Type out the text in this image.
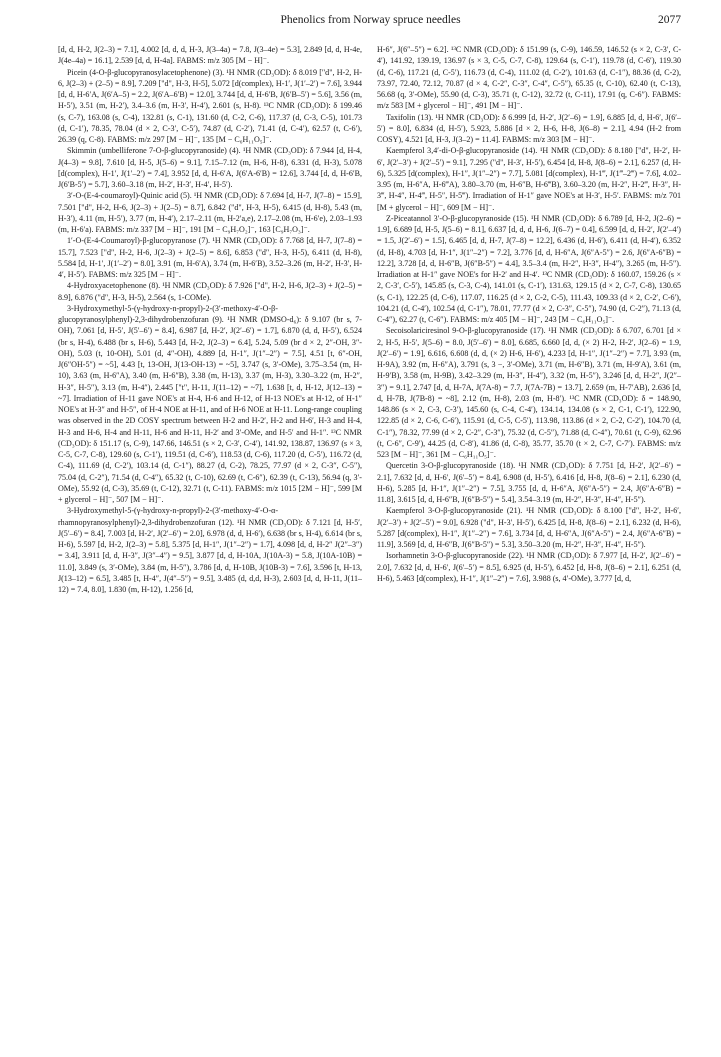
Phenolics from Norway spruce needles	2077

[d, d, H-2, J(2–3) = 7.1], 4.002 [d, d, d, H-3, J(3–4a) = 7.8, J(3–4e) = 5.3], 2.849 [d, d, H-4e, J(4e–4a) = 16.1], 2.539 [d, d, H-4a]. FABMS: m/z 305 [M − H]⁻.

Picein (4-O-β-glucopyranosylacetophenone) (3). ¹H NMR (CD₃OD): δ 8.019 ["d", H-2, H-6, J(2–3) + (2–5) = 8.9], 7.209 ["d", H-3, H-5], 5.072 [d(complex), H-1′, J(1′–2′) = 7.6], 3.944 [d, d, H-6′A, J(6′A–5) = 2.2, J(6′A–6′B) = 12.0], 3.744 [d, d, H-6′B, J(6′B–5′) = 5.6], 3.56 (m, H-5′), 3.51 (m, H-2′), 3.4–3.6 (m, H-3′, H-4′), 2.601 (s, H-8). ¹³C NMR (CD₃OD): δ 199.46 (s, C-7), 163.08 (s, C-4), 132.81 (s, C-1), 131.60 (d, C-2, C-6), 117.37 (d, C-3, C-5), 101.73 (d, C-1′), 78.35, 78.04 (d × 2, C-3′, C-5′), 74.87 (d, C-2′), 71.41 (d, C-4′), 62.57 (t, C-6′), 26.39 (q, C-8). FABMS: m/z 297 [M − H]⁻, 135 [M − C₆H₁₁O₅]⁻.

Skimmin (umbelliferone 7-O-β-glucopyranoside) (4). ¹H NMR (CD₃OD): δ 7.944 [d, H-4, J(4–3) = 9.8], 7.610 [d, H-5, J(5–6) = 9.1], 7.15–7.12 (m, H-6, H-8), 6.331 (d, H-3), 5.078 [d(complex), H-1′, J(1′–2′) = 7.4], 3.952 [d, d, H-6′A, J(6′A-6′B) = 12.6], 3.744 [d, d, H-6′B, J(6′B-5′) = 5.7], 3.60–3.18 (m, H-2′, H-3′, H-4′, H-5′).

3′-O-(E-4-coumaroyl)-Quinic acid (5). ¹H NMR (CD₃OD): δ 7.694 [d, H-7, J(7–8) = 15.9], 7.501 ["d", H-2, H-6, J(2–3) + J(2–5) = 8.7], 6.842 ("d", H-3, H-5), 6.415 (d, H-8), 5.43 (m, H-3′), 4.11 (m, H-5′), 3.77 (m, H-4′), 2.17–2.11 (m, H-2′a,e), 2.17–2.08 (m, H-6′e), 2.03–1.93 (m, H-6′a). FABMS: m/z 337 [M − H]⁻, 191 [M − C₉H₇O₂]⁻, 163 [C₉H₇O₃]⁻.

1′-O-(E-4-Coumaroyl)-β-glucopyranose (7). ¹H NMR (CD₃OD): δ 7.768 [d, H-7, J(7–8) = 15.7], 7.523 ["d", H-2, H-6, J(2–3) + J(2–5) = 8.6], 6.853 ("d", H-3, H-5), 6.411 (d, H-8), 5.584 [d, H-1′, J(1′–2′) = 8.0], 3.91 (m, H-6′A), 3.74 (m, H-6′B), 3.52–3.26 (m, H-2′, H-3′, H-4′, H-5′). FABMS: m/z 325 [M − H]⁻.

4-Hydroxyacetophenone (8). ¹H NMR (CD₃OD): δ 7.926 ["d", H-2, H-6, J(2–3) + J(2–5) = 8.9], 6.876 ("d", H-3, H-5), 2.564 (s, 1-COMe).

3-Hydroxymethyl-5-(γ-hydroxy-n-propyl)-2-(3′-methoxy-4′-O-β-glucopyranosylphenyl)-2,3-dihydrobenzofuran (9). ¹H NMR (DMSO-d₆): δ 9.107 (br s, 7-OH), 7.061 [d, H-5′, J(5′–6′) = 8.4], 6.987 [d, H-2′, J(2′–6′) = 1.7], 6.870 (d, d, H-5′), 6.524 (br s, H-4), 6.488 (br s, H-6), 5.443 [d, H-2, J(2–3) = 6.4], 5.24, 5.09 (br d × 2, 2″-OH, 3″-OH), 5.03 (t, 10-OH), 5.01 (d, 4″-OH), 4.889 [d, H-1″, J(1″–2″) = 7.5], 4.51 [t, 6″-OH, J(6″OH-5″) = ~5], 4.43 [t, 13-OH, J(13-OH-13) = ~5], 3.747 (s, 3′-OMe), 3.75–3.54 (m, H-10), 3.63 (m, H-6″A), 3.40 (m, H-6″B), 3.38 (m, H-13), 3.37 (m, H-3), 3.30–3.22 (m, H-2″, H-3″, H-5″), 3.13 (m, H-4″), 2.445 ["t", H-11, J(11–12) = ~7], 1.638 [t, d, H-12, J(12–13) = ~7]. Irradiation of H-11 gave NOE's at H-4, H-6 and H-12, of H-13 NOE's at H-12, of H-1″ NOE's at H-3″ and H-5″, of H-4 NOE at H-11, and of H-6 NOE at H-11. Long-range coupling was observed in the 2D COSY spectrum between H-2 and H-2′, H-2 and H-6′, H-3 and H-4, H-3 and H-6, H-4 and H-11, H-6 and H-11, H-2′ and 3′-OMe, and H-5′ and H-1″. ¹³C NMR (CD₃OD): δ 151.17 (s, C-9), 147.66, 146.51 (s × 2, C-3′, C-4′), 141.92, 138.87, 136.97 (s × 3, C-5, C-7, C-8), 129.60 (s, C-1′), 119.51 (d, C-6′), 118.53 (d, C-6), 117.20 (d, C-5′), 116.72 (d, C-4), 111.69 (d, C-2′), 103.14 (d, C-1″), 88.27 (d, C-2), 78.25, 77.97 (d × 2, C-3″, C-5″), 75.04 (d, C-2″), 71.54 (d, C-4″), 65.32 (t, C-10), 62.69 (t, C-6″), 62.39 (t, C-13), 56.94 (q, 3′-OMe), 55.92 (d, C-3), 35.69 (t, C-12), 32.71 (t, C-11). FABMS: m/z 1015 [2M − H]⁻, 599 [M + glycerol − H]⁻, 507 [M − H]⁻.

3-Hydroxymethyl-5-(γ-hydroxy-n-propyl)-2-(3′-methoxy-4′-O-α-rhamnopyranosylphenyl)-2,3-dihydrobenzofuran (12). ¹H NMR (CD₃OD): δ 7.121 [d, H-5′, J(5′–6′) = 8.4], 7.003 [d, H-2′, J(2′–6′) = 2.0], 6.978 (d, d, H-6′), 6.638 (br s, H-4), 6.614 (br s, H-6), 5.597 [d, H-2, J(2–3) = 5.8], 5.375 [d, H-1″, J(1″–2″) = 1.7], 4.098 [d, d, H-2″ J(2″–3″) = 3.4], 3.911 [d, d, H-3″, J(3″–4″) = 9.5], 3.877 [d, d, H-10A, J(10A-3) = 5.8, J(10A-10B) = 11.0], 3.849 (s, 3′-OMe), 3.84 (m, H-5″), 3.786 [d, d, H-10B, J(10B-3) = 7.6], 3.596 [t, H-13, J(13–12) = 6.5], 3.485 [t, H-4″, J(4″–5″) = 9.5], 3.485 (d, d,d, H-3), 2.603 [d, d, H-11, J(11–12) = 7.4, 8.0], 1.830 (m, H-12), 1.256 [d,

H-6″, J(6″–5″) = 6.2]. ¹³C NMR (CD₃OD): δ 151.99 (s, C-9), 146.59, 146.52 (s × 2, C-3′, C-4′), 141.92, 139.19, 136.97 (s × 3, C-5, C-7, C-8), 129.64 (s, C-1′), 119.78 (d, C-6′), 119.30 (d, C-6), 117.21 (d, C-5′), 116.73 (d, C-4), 111.02 (d, C-2′), 101.63 (d, C-1″), 88.36 (d, C-2), 73.97, 72.40, 72.12, 70.87 (d × 4, C-2″, C-3″, C-4″, C-5″), 65.35 (t, C-10), 62.40 (t, C-13), 56.68 (q, 3′-OMe), 55.90 (d, C-3), 35.71 (t, C-12), 32.72 (t, C-11), 17.91 (q, C-6″). FABMS: m/z 583 [M + glycerol − H]⁻, 491 [M − H]⁻.

Taxifolin (13). ¹H NMR (CD₃OD): δ 6.999 [d, H-2′, J(2′–6) = 1.9], 6.885 [d, d, H-6′, J(6′–5′) = 8.0], 6.834 (d, H-5′), 5.923, 5.886 [d × 2, H-6, H-8, J(6–8) = 2.1], 4.94 (H-2 from COSY), 4.521 [d, H-3, J(3–2) = 11.4]. FABMS: m/z 303 [M − H]⁻.

Kaempferol 3,4′-di-O-β-glucopyranoside (14). ¹H NMR (CD₃OD): δ 8.180 ["d", H-2′, H-6′, J(2′–3′) + J(2′–5′) = 9.1], 7.295 ("d", H-3′, H-5′), 6.454 [d, H-8, J(8–6) = 2.1], 6.257 (d, H-6), 5.325 [d(complex), H-1″, J(1″–2″) = 7.7], 5.081 [d(complex), H-1‴, J(1‴–2‴) = 7.6], 4.02–3.95 (m, H-6″A, H-6‴A), 3.80–3.70 (m, H-6″B, H-6‴B), 3.60–3.20 (m, H-2″, H-2‴, H-3″, H-3‴, H-4″, H-4‴, H-5″, H-5‴). Irradiation of H-1″ gave NOE's at H-3′, H-5′. FABMS: m/z 701 [M + glycerol − H]⁻, 609 [M − H]⁻.

Z-Piceatannol 3′-O-β-glucopyranoside (15). ¹H NMR (CD₃OD): δ 6.789 [d, H-2, J(2–6) = 1.9], 6.689 [d, H-5, J(5–6) = 8.1], 6.637 [d, d, d, H-6, J(6–7) = 0.4], 6.599 [d, d, H-2′, J(2′–4′) = 1.5, J(2′–6′) = 1.5], 6.465 [d, d, H-7, J(7–8) = 12.2], 6.436 (d, H-6′), 6.411 (d, H-4′), 6.352 (d, H-8), 4.703 [d, H-1″, J(1″–2″) = 7.2], 3.776 [d, d, H-6″A, J(6″A-5″) = 2.6, J(6″A-6″B) = 12.2], 3.728 [d, d, H-6″B, J(6″B-5″) = 4.4], 3.5–3.4 (m, H-2″, H-3″, H-4″), 3.265 (m, H-5″). Irradiation at H-1″ gave NOE's for H-2′ and H-4′. ¹³C NMR (CD₃OD): δ 160.07, 159.26 (s × 2, C-3′, C-5′), 145.85 (s, C-3, C-4), 141.01 (s, C-1′), 131.63, 129.15 (d × 2, C-7, C-8), 130.65 (s, C-1), 122.25 (d, C-6), 117.07, 116.25 (d × 2, C-2, C-5), 111.43, 109.33 (d × 2, C-2′, C-6′), 104.21 (d, C-4′), 102.54 (d, C-1″), 78.01, 77.77 (d × 2, C-3″, C-5″), 74.90 (d, C-2″), 71.13 (d, C-4″), 62.27 (t, C-6″). FABMS: m/z 405 [M − H]⁻, 243 [M − C₆H₁₁O₅]⁻.

Secoisolariciresinol 9-O-β-glucopyranoside (17). ¹H NMR (CD₃OD): δ 6.707, 6.701 [d × 2, H-5, H-5′, J(5–6) = 8.0, J(5′–6′) = 8.0], 6.685, 6.660 [d, d, (× 2) H-2, H-2′, J(2–6) = 1.9, J(2′–6′) = 1.9], 6.616, 6.608 (d, d, (× 2) H-6, H-6′), 4.233 [d, H-1″, J(1″–2″) = 7.7], 3.93 (m, H-9A), 3.92 (m, H-6″A), 3.791 (s, 3 −, 3′-OMe), 3.71 (m, H-6″B), 3.71 (m, H-9′A), 3.61 (m, H-9′B), 3.58 (m, H-9B), 3.42–3.29 (m, H-3″, H-4″), 3.32 (m, H-5″), 3.246 [d, d, H-2″, J(2″–3″) = 9.1], 2.747 [d, d, H-7A, J(7A-8) = 7.7, J(7A-7B) = 13.7], 2.659 (m, H-7′AB), 2.636 [d, d, H-7B, J(7B-8) = ~8], 2.12 (m, H-8), 2.03 (m, H-8′). ¹³C NMR (CD₃OD): δ = 148.90, 148.86 (s × 2, C-3, C-3′), 145.60 (s, C-4, C-4′), 134.14, 134.08 (s × 2, C-1, C-1′), 122.90, 122.85 (d × 2, C-6, C-6′), 115.91 (d, C-5, C-5′), 113.98, 113.86 (d × 2, C-2, C-2′), 104.70 (d, C-1″), 78.32, 77.99 (d × 2, C-2″, C-3″), 75.32 (d, C-5″), 71.88 (d, C-4″), 70.61 (t, C-9), 62.96 (t, C-6″, C-9′), 44.25 (d, C-8′), 41.86 (d, C-8), 35.77, 35.70 (t × 2, C-7, C-7′). FABMS: m/z 523 [M − H]⁻, 361 [M − C₆H₁₁O₅]⁻.

Quercetin 3-O-β-glucopyranoside (18). ¹H NMR (CD₃OD): δ 7.751 [d, H-2′, J(2′–6′) = 2.1], 7.632 [d, d, H-6′, J(6′–5′) = 8.4], 6.908 (d, H-5′), 6.416 [d, H-8, J(8–6) = 2.1], 6.230 (d, H-6), 5.285 [d, H-1″, J(1″–2″) = 7.5], 3.755 [d, d, H-6″A, J(6″A-5″) = 2.4, J(6″A-6″B) = 11.8], 3.615 [d, d, H-6″B, J(6″B-5″) = 5.4], 3.54–3.19 (m, H-2″, H-3″, H-4″, H-5″).

Kaempferol 3-O-β-glucopyranoside (21). ¹H NMR (CD₃OD): δ 8.100 ["d", H-2′, H-6′, J(2′–3′) + J(2′–5′) = 9.0], 6.928 ("d", H-3′, H-5′), 6.425 [d, H-8, J(8–6) = 2.1], 6.232 (d, H-6), 5.287 [d(complex), H-1″, J(1″–2″) = 7.6], 3.734 [d, d, H-6″A, J(6″A-5″) = 2.4, J(6″A-6″B) = 11.9], 3.569 [d, d, H-6″B, J(6″B-5″) = 5.3], 3.50–3.20 (m, H-2″, H-3″, H-4″, H-5″).

Isorhamnetin 3-O-β-glucopyranoside (22). ¹H NMR (CD₃OD): δ 7.977 [d, H-2′, J(2′–6′) = 2.0], 7.632 [d, d, H-6′, J(6′–5′) = 8.5], 6.925 (d, H-5′), 6.452 [d, H-8, J(8–6) = 2.1], 6.251 (d, H-6), 5.463 [d(complex), H-1″, J(1″–2″) = 7.6], 3.988 (s, 4′-OMe), 3.777 [d, d,
